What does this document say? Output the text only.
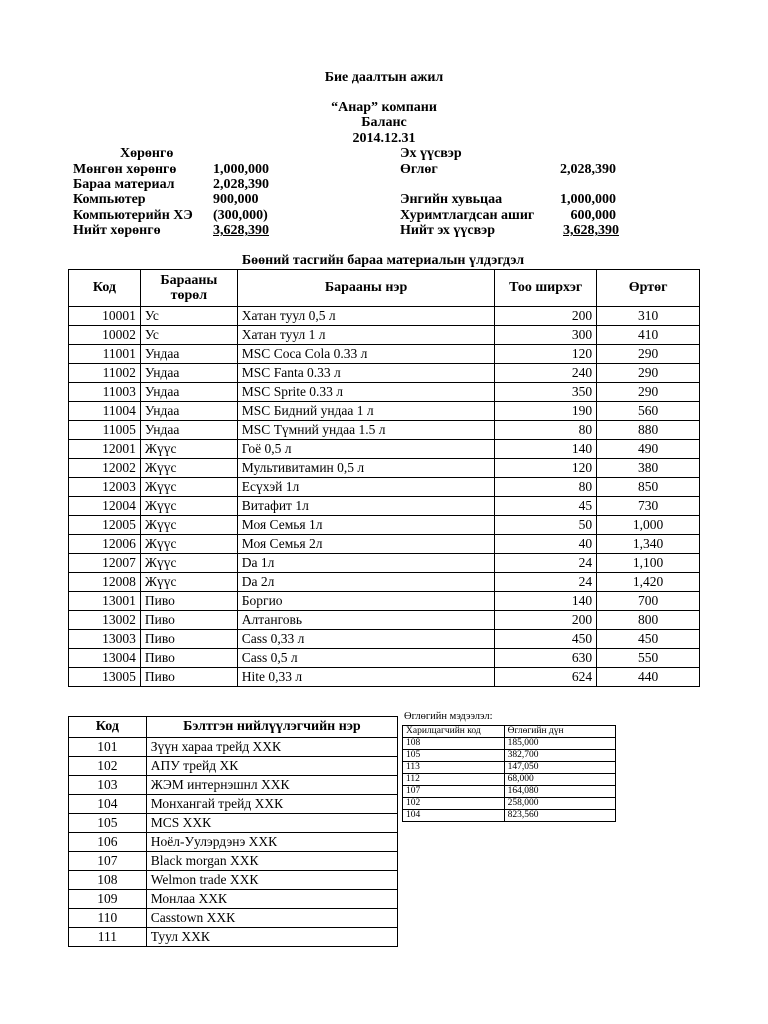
Бие даалтын ажил
“Анар” компани
Баланс
2014.12.31
Хөрөнгө	Эх үүсвэр
Мөнгөн хөрөнгө	1,000,000
Бараа материал	2,028,390
Компьютер	900,000
Компьютерийн ХЭ (300,000)
Нийт хөрөнгө	3,628,390
Өглөг	2,028,390
Энгийн хувьцаа	1,000,000
Хуримтлагдсан ашиг	600,000
Нийт эх үүсвэр	3,628,390
Бөөний тасгийн бараа материалын үлдэгдэл
Код	Барааны төрөл	Барааны нэр	Тоо ширхэг	Өртөг
10001	Ус	Хатан туул 0,5 л	200	310
10002	Ус	Хатан туул 1 л	300	410
11001	Ундаа	MSC Coca Cola 0.33 л	120	290
11002	Ундаа	MSC Fanta 0.33 л	240	290
11003	Ундаа	MSC Sprite 0.33 л	350	290
11004	Ундаа	MSC Бидний ундаа 1 л	190	560
11005	Ундаа	MSC Түмний ундаа 1.5 л	80	880
12001	Жүүс	Гоё 0,5 л	140	490
12002	Жүүс	Мультивитамин 0,5 л	120	380
12003	Жүүс	Есүхэй 1л	80	850
12004	Жүүс	Витафит 1л	45	730
12005	Жүүс	Моя Семья 1л	50	1,000
12006	Жүүс	Моя Семья 2л	40	1,340
12007	Жүүс	Da 1л	24	1,100
12008	Жүүс	Da 2л	24	1,420
13001	Пиво	Боргио	140	700
13002	Пиво	Алтанговь	200	800
13003	Пиво	Cass 0,33 л	450	450
13004	Пиво	Cass 0,5 л	630	550
13005	Пиво	Hite 0,33 л	624	440
Код	Бэлтгэн нийлүүлэгчийн нэр
101	Зүүн хараа трейд ХХК
102	АПУ трейд ХК
103	ЖЭМ интернэшнл ХХК
104	Монхангай трейд ХХК
105	MCS ХХК
106	Ноёл-Уулэрдэнэ ХХК
107	Black morgan ХХК
108	Welmon trade ХХК
109	Монлаа ХХК
110	Casstown ХХК
111	Туул ХХК
Өглөгийн мэдээлэл:
Харилцагчийн код	Өглөгийн дүн
108	185,000
105	382,700
113	147,050
112	68,000
107	164,080
102	258,000
104	823,560
